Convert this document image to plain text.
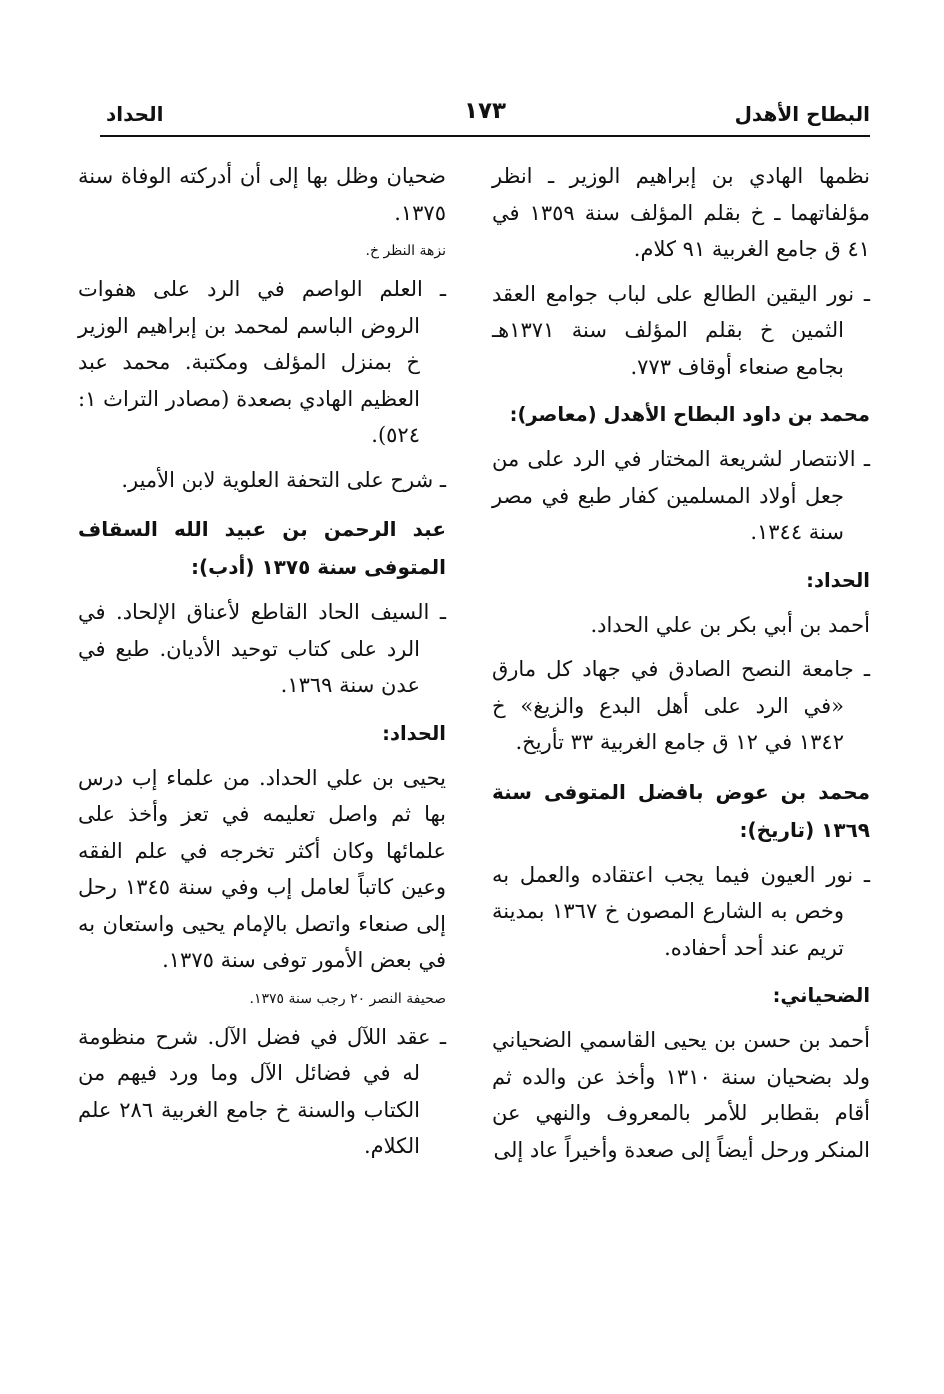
البطاح الأهدل
١٧٣
الحداد
نظمها الهادي بن إبراهيم الوزير ـ انظر مؤلفاتهما ـ خ بقلم المؤلف سنة ١٣٥٩ في ٤١ ق جامع الغربية ٩١ كلام.
ـ نور اليقين الطالع على لباب جوامع العقد الثمين خ بقلم المؤلف سنة ١٣٧١هـ بجامع صنعاء أوقاف ٧٧٣.
محمد بن داود البطاح الأهدل (معاصر):
ـ الانتصار لشريعة المختار في الرد على من جعل أولاد المسلمين كفار طبع في مصر سنة ١٣٤٤.
الحداد:
أحمد بن أبي بكر بن علي الحداد.
ـ جامعة النصح الصادق في جهاد كل مارق «في الرد على أهل البدع والزيغ» خ ١٣٤٢ في ١٢ ق جامع الغربية ٣٣ تأريخ.
محمد بن عوض بافضل المتوفى سنة ١٣٦٩ (تاريخ):
ـ نور العيون فيما يجب اعتقاده والعمل به وخص به الشارع المصون خ ١٣٦٧ بمدينة تريم عند أحد أحفاده.
الضحياني:
أحمد بن حسن بن يحيى القاسمي الضحياني ولد بضحيان سنة ١٣١٠ وأخذ عن والده ثم أقام بقطابر للأمر بالمعروف والنهي عن المنكر ورحل أيضاً إلى صعدة وأخيراً عاد إلى
ضحيان وظل بها إلى أن أدركته الوفاة سنة ١٣٧٥.
نزهة النظر خ.
ـ العلم الواصم في الرد على هفوات الروض الباسم لمحمد بن إبراهيم الوزير خ بمنزل المؤلف ومكتبة. محمد عبد العظيم الهادي بصعدة (مصادر التراث ١: ٥٢٤).
ـ شرح على التحفة العلوية لابن الأمير.
عبد الرحمن بن عبيد الله السقاف المتوفى سنة ١٣٧٥ (أدب):
ـ السيف الحاد القاطع لأعناق الإلحاد. في الرد على كتاب توحيد الأديان. طبع في عدن سنة ١٣٦٩.
الحداد:
يحيى بن علي الحداد. من علماء إب درس بها ثم واصل تعليمه في تعز وأخذ على علمائها وكان أكثر تخرجه في علم الفقه وعين كاتباً لعامل إب وفي سنة ١٣٤٥ رحل إلى صنعاء واتصل بالإمام يحيى واستعان به في بعض الأمور توفى سنة ١٣٧٥.
صحيفة النصر ٢٠ رجب سنة ١٣٧٥.
ـ عقد اللآل في فضل الآل. شرح منظومة له في فضائل الآل وما ورد فيهم من الكتاب والسنة خ جامع الغربية ٢٨٦ علم الكلام.
